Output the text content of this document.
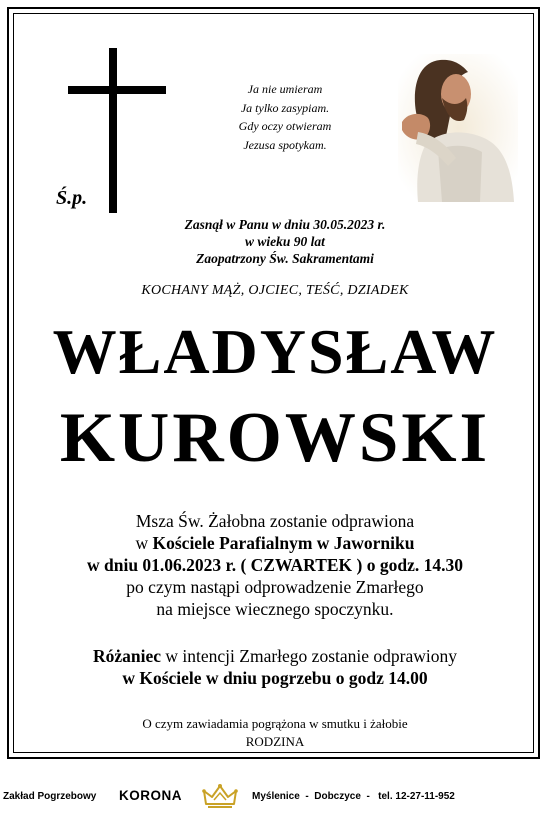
Ś.p.
Ja nie umieram
Ja tylko zasypiam.
Gdy oczy otwieram
Jezusa spotykam.
Zasnął w Panu w dniu 30.05.2023 r.
w wieku 90 lat
Zaopatrzony Św. Sakramentami
KOCHANY MĄŻ, OJCIEC, TEŚĆ, DZIADEK
WŁADYSŁAW
KUROWSKI
Msza Św. Żałobna zostanie odprawiona
w Kościele Parafialnym w Jaworniku
w dniu 01.06.2023 r. ( CZWARTEK ) o godz. 14.30
po czym nastąpi odprowadzenie Zmarłego
na miejsce wiecznego spoczynku.
Różaniec w intencji Zmarłego zostanie odprawiony
w Kościele w dniu pogrzebu o godz 14.00
O czym zawiadamia pogrążona w smutku i żałobie
RODZINA
Zakład Pogrzebowy KORONA	Myślenice  -  Dobczyce  -   tel. 12-27-11-952
